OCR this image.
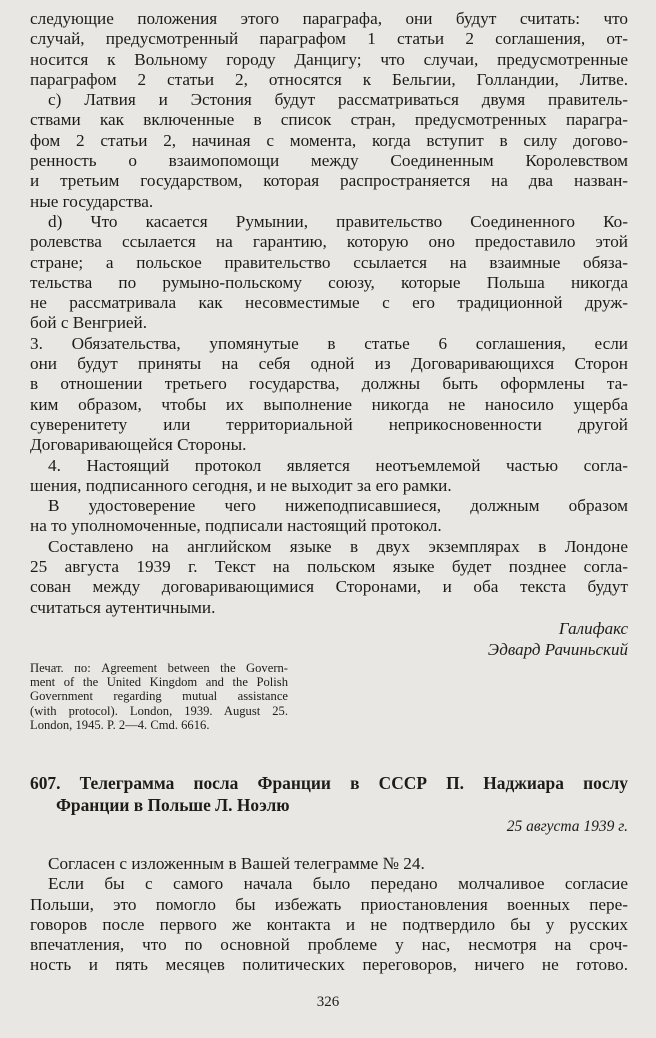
следующие положения этого параграфа, они будут считать: что
случай, предусмотренный параграфом 1 статьи 2 соглашения, от-
носится к Вольному городу Данцигу; что случаи, предусмотренные
параграфом 2 статьи 2, относятся к Бельгии, Голландии, Литве.
c) Латвия и Эстония будут рассматриваться двумя правитель-
ствами как включенные в список стран, предусмотренных парагра-
фом 2 статьи 2, начиная с момента, когда вступит в силу догово-
ренность о взаимопомощи между Соединенным Королевством
и третьим государством, которая распространяется на два назван-
ные государства.
d) Что касается Румынии, правительство Соединенного Ко-
ролевства ссылается на гарантию, которую оно предоставило этой
стране; а польское правительство ссылается на взаимные обяза-
тельства по румыно-польскому союзу, которые Польша никогда
не рассматривала как несовместимые с его традиционной друж-
бой с Венгрией.
3. Обязательства, упомянутые в статье 6 соглашения, если
они будут приняты на себя одной из Договаривающихся Сторон
в отношении третьего государства, должны быть оформлены та-
ким образом, чтобы их выполнение никогда не наносило ущерба
суверенитету или территориальной неприкосновенности другой
Договаривающейся Стороны.
4. Настоящий протокол является неотъемлемой частью согла-
шения, подписанного сегодня, и не выходит за его рамки.
В удостоверение чего нижеподписавшиеся, должным образом
на то уполномоченные, подписали настоящий протокол.
Составлено на английском языке в двух экземплярах в Лондоне
25 августа 1939 г. Текст на польском языке будет позднее согла-
сован между договаривающимися Сторонами, и оба текста будут
считаться аутентичными.
Галифакс
Эдвард Рачиньский
Печат. по: Agreement between the Govern-
ment of the United Kingdom and the Polish
Government regarding mutual assistance
(with protocol). London, 1939. August 25.
London, 1945. P. 2—4. Cmd. 6616.
607. Телеграмма посла Франции в СССР П. Наджиара послу
Франции в Польше Л. Ноэлю
25 августа 1939 г.
Согласен с изложенным в Вашей телеграмме № 24.
Если бы с самого начала было передано молчаливое согласие
Польши, это помогло бы избежать приостановления военных пере-
говоров после первого же контакта и не подтвердило бы у русских
впечатления, что по основной проблеме у нас, несмотря на сроч-
ность и пять месяцев политических переговоров, ничего не готово.
326
